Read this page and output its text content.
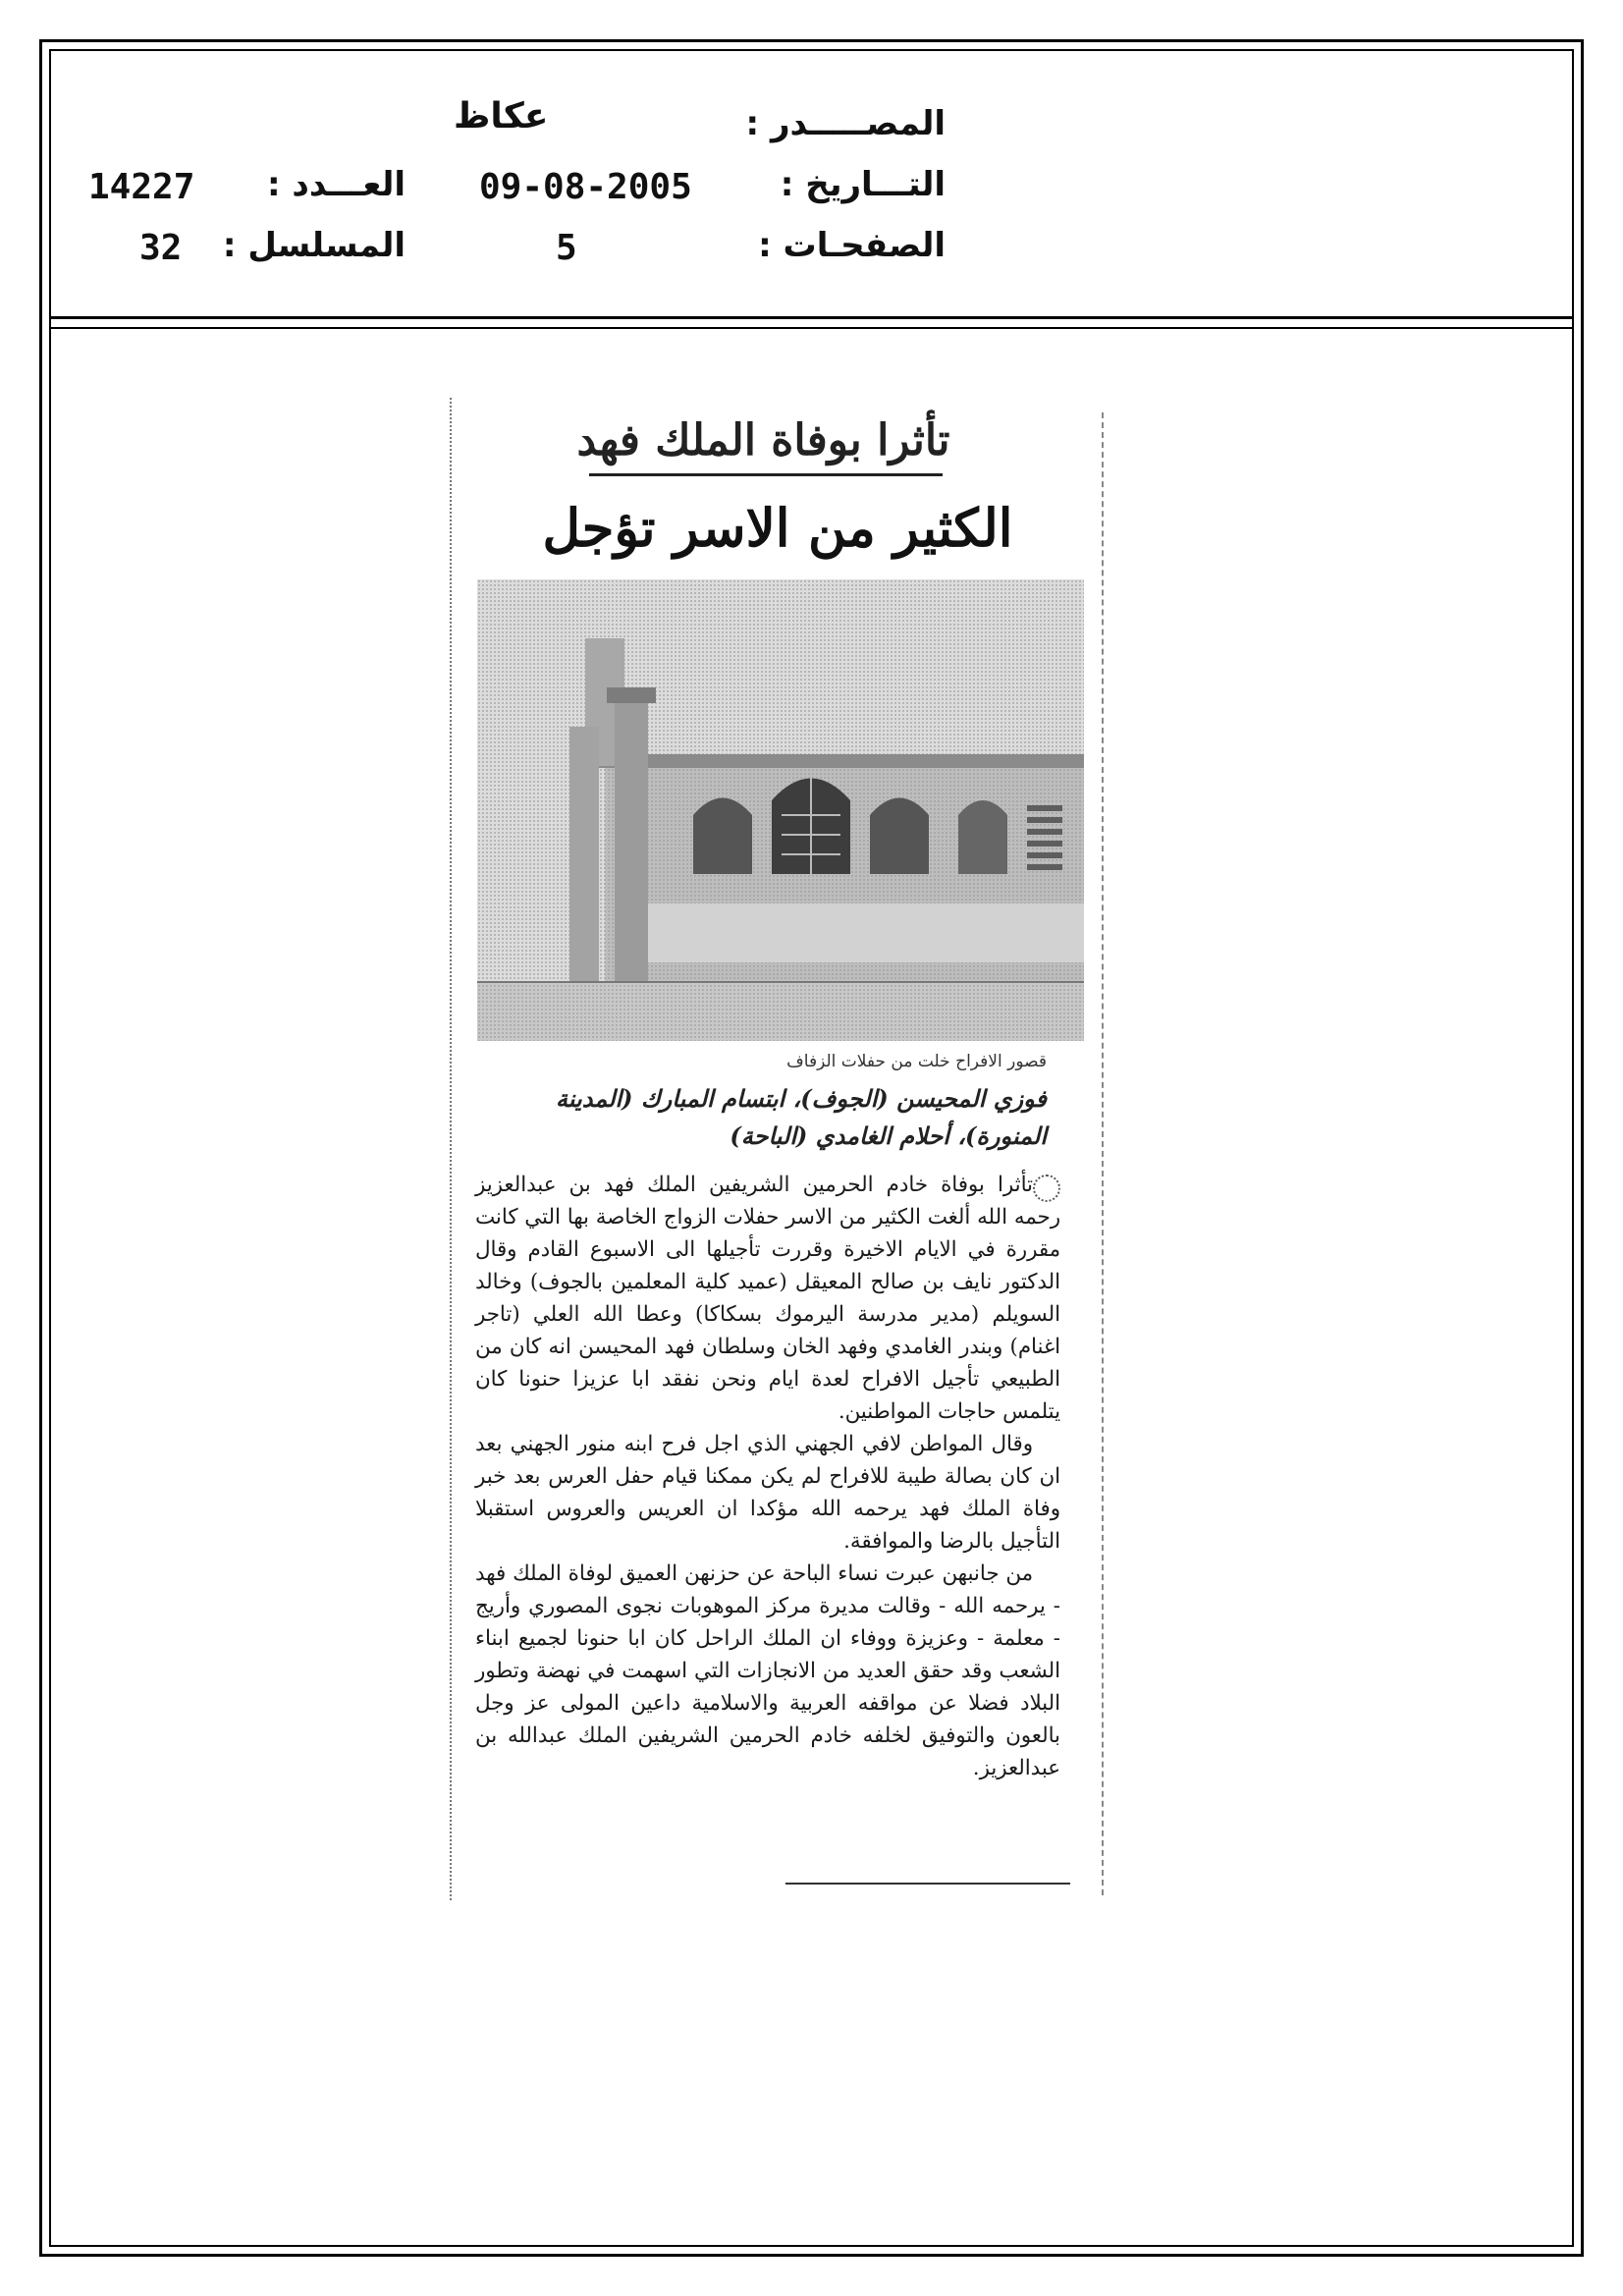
المصـــــدر :
عكاظ
التـــاريخ :
09-08-2005
العـــدد :
14227
الصفحـات :
5
المسلسل :
32
تأثرا بوفاة الملك فهد
الكثير من الاسر تؤجل
قصور الافراح خلت من حفلات الزفاف
فوزي المحيسن (الجوف)، ابتسام المبارك (المدينة المنورة)، أحلام الغامدي (الباحة)

تأثرا بوفاة خادم الحرمين الشريفين الملك فهد بن عبدالعزيز رحمه الله ألغت الكثير من الاسر حفلات الزواج الخاصة بها التي كانت مقررة في الايام الاخيرة وقررت تأجيلها الى الاسبوع القادم وقال الدكتور نايف بن صالح المعيقل (عميد كلية المعلمين بالجوف) وخالد السويلم (مدير مدرسة اليرموك بسكاكا) وعطا الله العلي (تاجر اغنام) وبندر الغامدي وفهد الخان وسلطان فهد المحيسن انه كان من الطبيعي تأجيل الافراح لعدة ايام ونحن نفقد ابا عزيزا حنونا كان يتلمس حاجات المواطنين.

وقال المواطن لافي الجهني الذي اجل فرح ابنه منور الجهني بعد ان كان بصالة طيبة للافراح لم يكن ممكنا قيام حفل العرس بعد خبر وفاة الملك فهد يرحمه الله مؤكدا ان العريس والعروس استقبلا التأجيل بالرضا والموافقة.

من جانبهن عبرت نساء الباحة عن حزنهن العميق لوفاة الملك فهد - يرحمه الله - وقالت مديرة مركز الموهوبات نجوى المصوري وأريج - معلمة - وعزيزة ووفاء ان الملك الراحل كان ابا حنونا لجميع ابناء الشعب وقد حقق العديد من الانجازات التي اسهمت في نهضة وتطور البلاد فضلا عن مواقفه العربية والاسلامية داعين المولى عز وجل بالعون والتوفيق لخلفه خادم الحرمين الشريفين الملك عبدالله بن عبدالعزيز.
